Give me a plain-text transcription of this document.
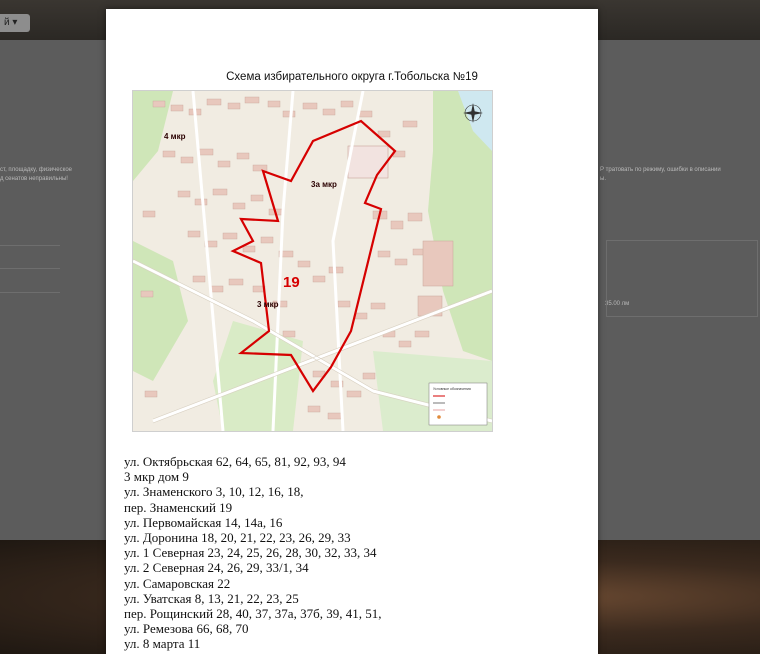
й ▾
ст, площадку, физическое
д сенатов неправильны!
Р тратовать по режиму, ошибки в описании
ы.
35.00 лм
Схема избирательного округа г.Тобольска №19
4 мкр
3а мкр
3 мкр
19
Условные обозначения
ул. Октябрьская 62, 64, 65, 81, 92, 93, 94
3 мкр дом 9
ул. Знаменского 3, 10, 12, 16, 18,
пер. Знаменский 19
ул. Первомайская 14, 14а, 16
ул. Доронина 18, 20, 21, 22, 23, 26, 29, 33
ул. 1 Северная 23, 24, 25, 26, 28, 30, 32, 33, 34
ул. 2 Северная 24, 26, 29, 33/1, 34
ул. Самаровская 22
ул. Уватская 8, 13, 21, 22, 23, 25
пер. Рощинский 28, 40, 37, 37а, 37б, 39, 41, 51,
ул. Ремезова 66, 68, 70
ул. 8 марта 11
